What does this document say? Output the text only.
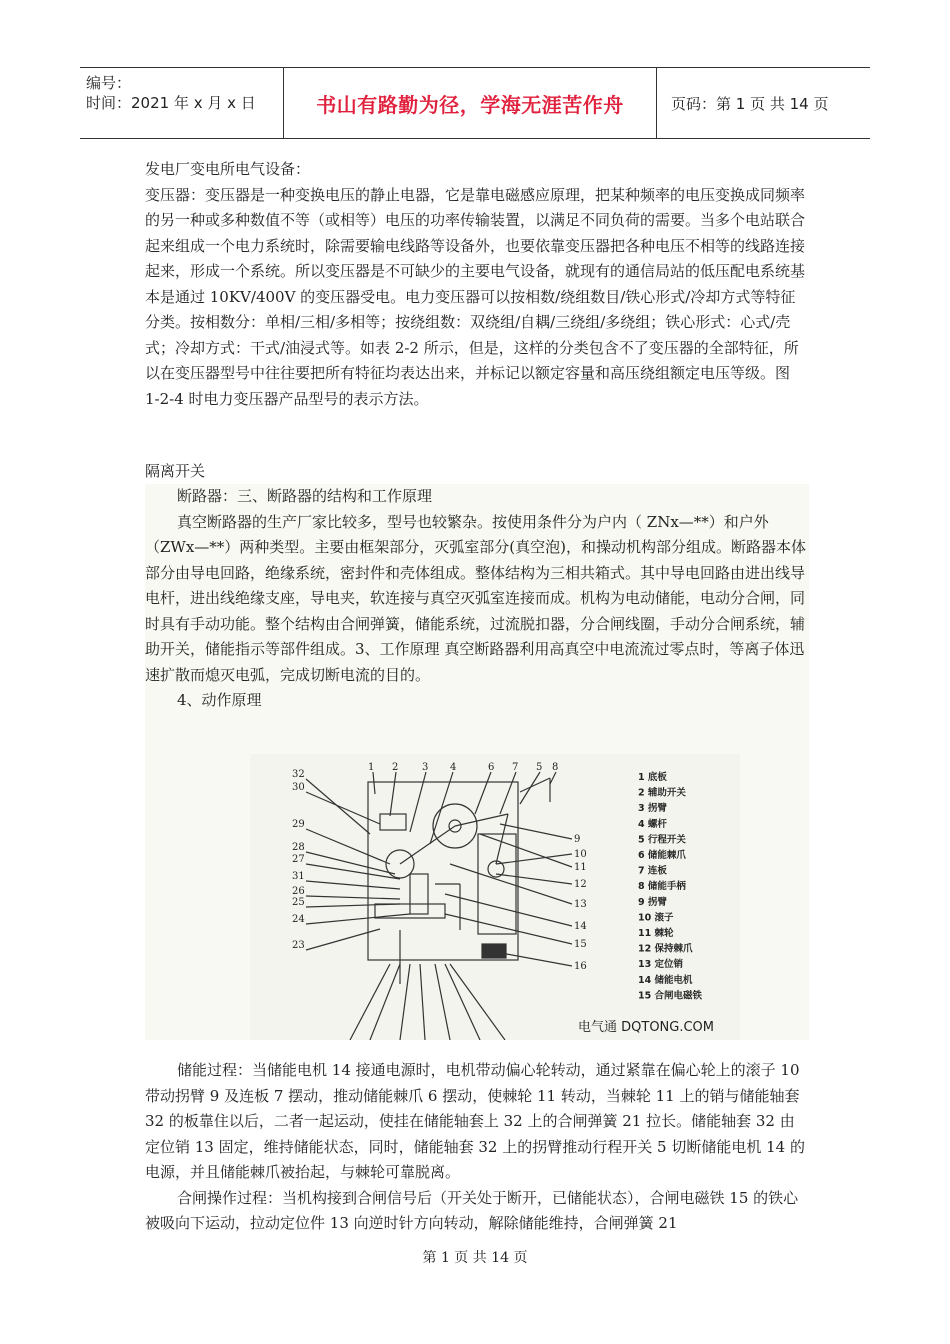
编号：
时间：2021 年 x 月 x 日	书山有路勤为径，学海无涯苦作舟	页码：第 1 页 共 14 页

发电厂变电所电气设备：

变压器：变压器是一种变换电压的静止电器，它是靠电磁感应原理，把某种频率的电压变换成同频率的另一种或多种数值不等（或相等）电压的功率传输装置，以满足不同负荷的需要。当多个电站联合起来组成一个电力系统时，除需要输电线路等设备外，也要依靠变压器把各种电压不相等的线路连接起来，形成一个系统。所以变压器是不可缺少的主要电气设备，就现有的通信局站的低压配电系统基本是通过 10KV/400V 的变压器受电。电力变压器可以按相数/绕组数目/铁心形式/冷却方式等特征分类。按相数分：单相/三相/多相等；按绕组数：双绕组/自耦/三绕组/多绕组；铁心形式：心式/壳式；冷却方式：干式/油浸式等。如表 2-2 所示，但是，这样的分类包含不了变压器的全部特征，所以在变压器型号中往往要把所有特征均表达出来，并标记以额定容量和高压绕组额定电压等级。图 1-2-4 时电力变压器产品型号的表示方法。

隔离开关

断路器：三、断路器的结构和工作原理

真空断路器的生产厂家比较多，型号也较繁杂。按使用条件分为户内（ ZNx—**）和户外（ZWx—**）两种类型。主要由框架部分，灭弧室部分(真空泡)，和操动机构部分组成。断路器本体部分由导电回路，绝缘系统，密封件和壳体组成。整体结构为三相共箱式。其中导电回路由进出线导电杆，进出线绝缘支座，导电夹，软连接与真空灭弧室连接而成。机构为电动储能，电动分合闸，同时具有手动功能。整个结构由合闸弹簧，储能系统，过流脱扣器，分合闸线圈，手动分合闸系统，辅助开关，储能指示等部件组成。3、工作原理 真空断路器利用高真空中电流流过零点时，等离子体迅速扩散而熄灭电弧，完成切断电流的目的。

4、动作原理

32
30
29
28
27
31
26
25
24
23
1 2 3 4	6 7 5 8
9
10
11
12
13
14
15
16
1 底板
2 辅助开关
3 拐臂
4 螺杆
5 行程开关
6 储能棘爪
7 连板
8 储能手柄
9 拐臂
10 滚子
11 棘轮
12 保持棘爪
13 定位销
14 储能电机
15 合闸电磁铁
电气通 DQTONG.COM

储能过程：当储能电机 14 接通电源时，电机带动偏心轮转动，通过紧靠在偏心轮上的滚子 10 带动拐臂 9 及连板 7 摆动，推动储能棘爪 6 摆动，使棘轮 11 转动，当棘轮 11 上的销与储能轴套 32 的板靠住以后，二者一起运动，使挂在储能轴套上 32 上的合闸弹簧 21 拉长。储能轴套 32 由定位销 13 固定，维持储能状态，同时，储能轴套 32 上的拐臂推动行程开关 5 切断储能电机 14 的电源，并且储能棘爪被抬起，与棘轮可靠脱离。

合闸操作过程：当机构接到合闸信号后（开关处于断开，已储能状态），合闸电磁铁 15 的铁心被吸向下运动，拉动定位件 13 向逆时针方向转动，解除储能维持，合闸弹簧 21

第 1 页 共 14 页
